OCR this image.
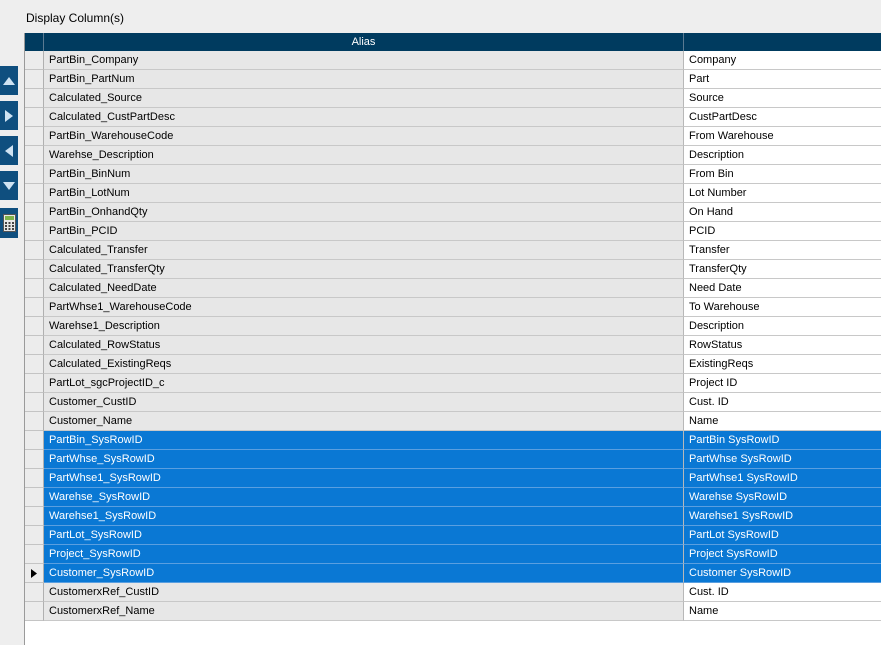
Display Column(s)
Alias
PartBin_Company	Company
PartBin_PartNum	Part
Calculated_Source	Source
Calculated_CustPartDesc	CustPartDesc
PartBin_WarehouseCode	From Warehouse
Warehse_Description	Description
PartBin_BinNum	From Bin
PartBin_LotNum	Lot Number
PartBin_OnhandQty	On Hand
PartBin_PCID	PCID
Calculated_Transfer	Transfer
Calculated_TransferQty	TransferQty
Calculated_NeedDate	Need Date
PartWhse1_WarehouseCode	To Warehouse
Warehse1_Description	Description
Calculated_RowStatus	RowStatus
Calculated_ExistingReqs	ExistingReqs
PartLot_sgcProjectID_c	Project ID
Customer_CustID	Cust. ID
Customer_Name	Name
PartBin_SysRowID	PartBin SysRowID
PartWhse_SysRowID	PartWhse SysRowID
PartWhse1_SysRowID	PartWhse1 SysRowID
Warehse_SysRowID	Warehse SysRowID
Warehse1_SysRowID	Warehse1 SysRowID
PartLot_SysRowID	PartLot SysRowID
Project_SysRowID	Project SysRowID
Customer_SysRowID	Customer SysRowID
CustomerxRef_CustID	Cust. ID
CustomerxRef_Name	Name
